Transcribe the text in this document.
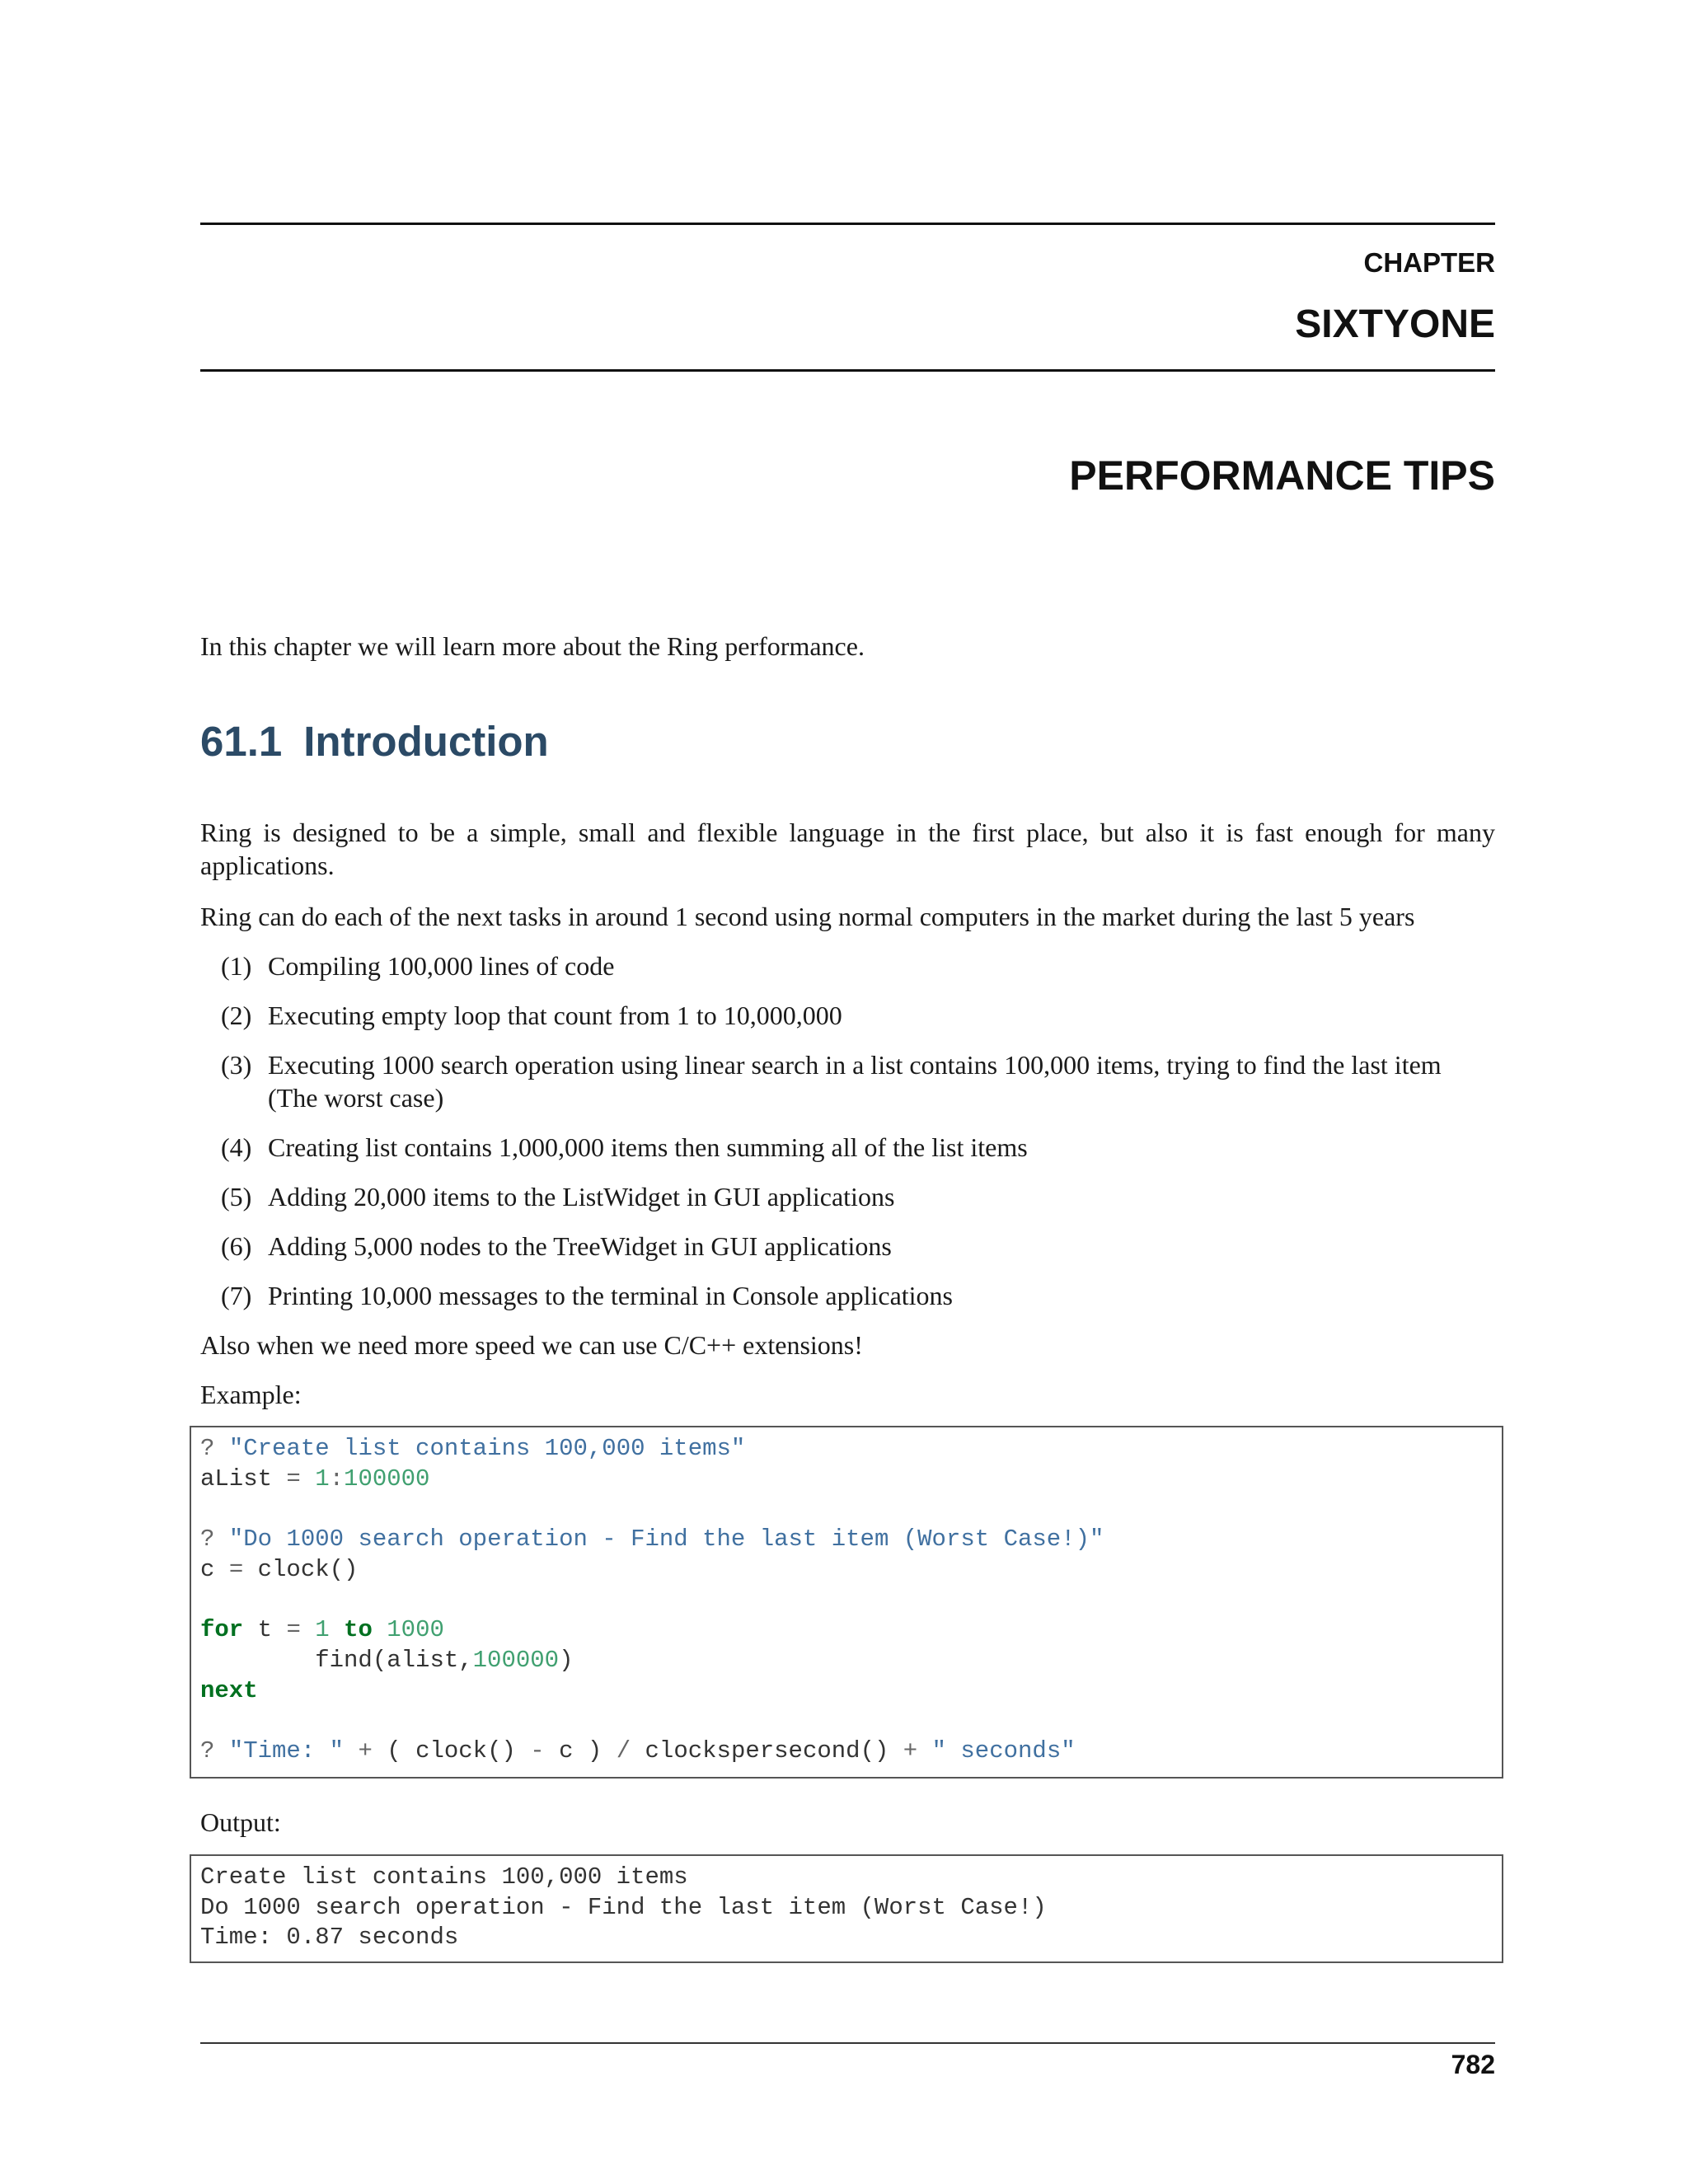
CHAPTER
SIXTYONE
PERFORMANCE TIPS
In this chapter we will learn more about the Ring performance.
61.1 Introduction
Ring is designed to be a simple, small and flexible language in the first place, but also it is fast enough for many applications.
Ring can do each of the next tasks in around 1 second using normal computers in the market during the last 5 years
(1) Compiling 100,000 lines of code
(2) Executing empty loop that count from 1 to 10,000,000
(3) Executing 1000 search operation using linear search in a list contains 100,000 items, trying to find the last item (The worst case)
(4) Creating list contains 1,000,000 items then summing all of the list items
(5) Adding 20,000 items to the ListWidget in GUI applications
(6) Adding 5,000 nodes to the TreeWidget in GUI applications
(7) Printing 10,000 messages to the terminal in Console applications
Also when we need more speed we can use C/C++ extensions!
Example:
? "Create list contains 100,000 items"
aList = 1:100000
? "Do 1000 search operation - Find the last item (Worst Case!)"
c = clock()
for t = 1 to 1000
find(alist,100000)
next
? "Time: " + ( clock() - c ) / clockspersecond() + " seconds"
Output:
Create list contains 100,000 items
Do 1000 search operation - Find the last item (Worst Case!)
Time: 0.87 seconds
782
